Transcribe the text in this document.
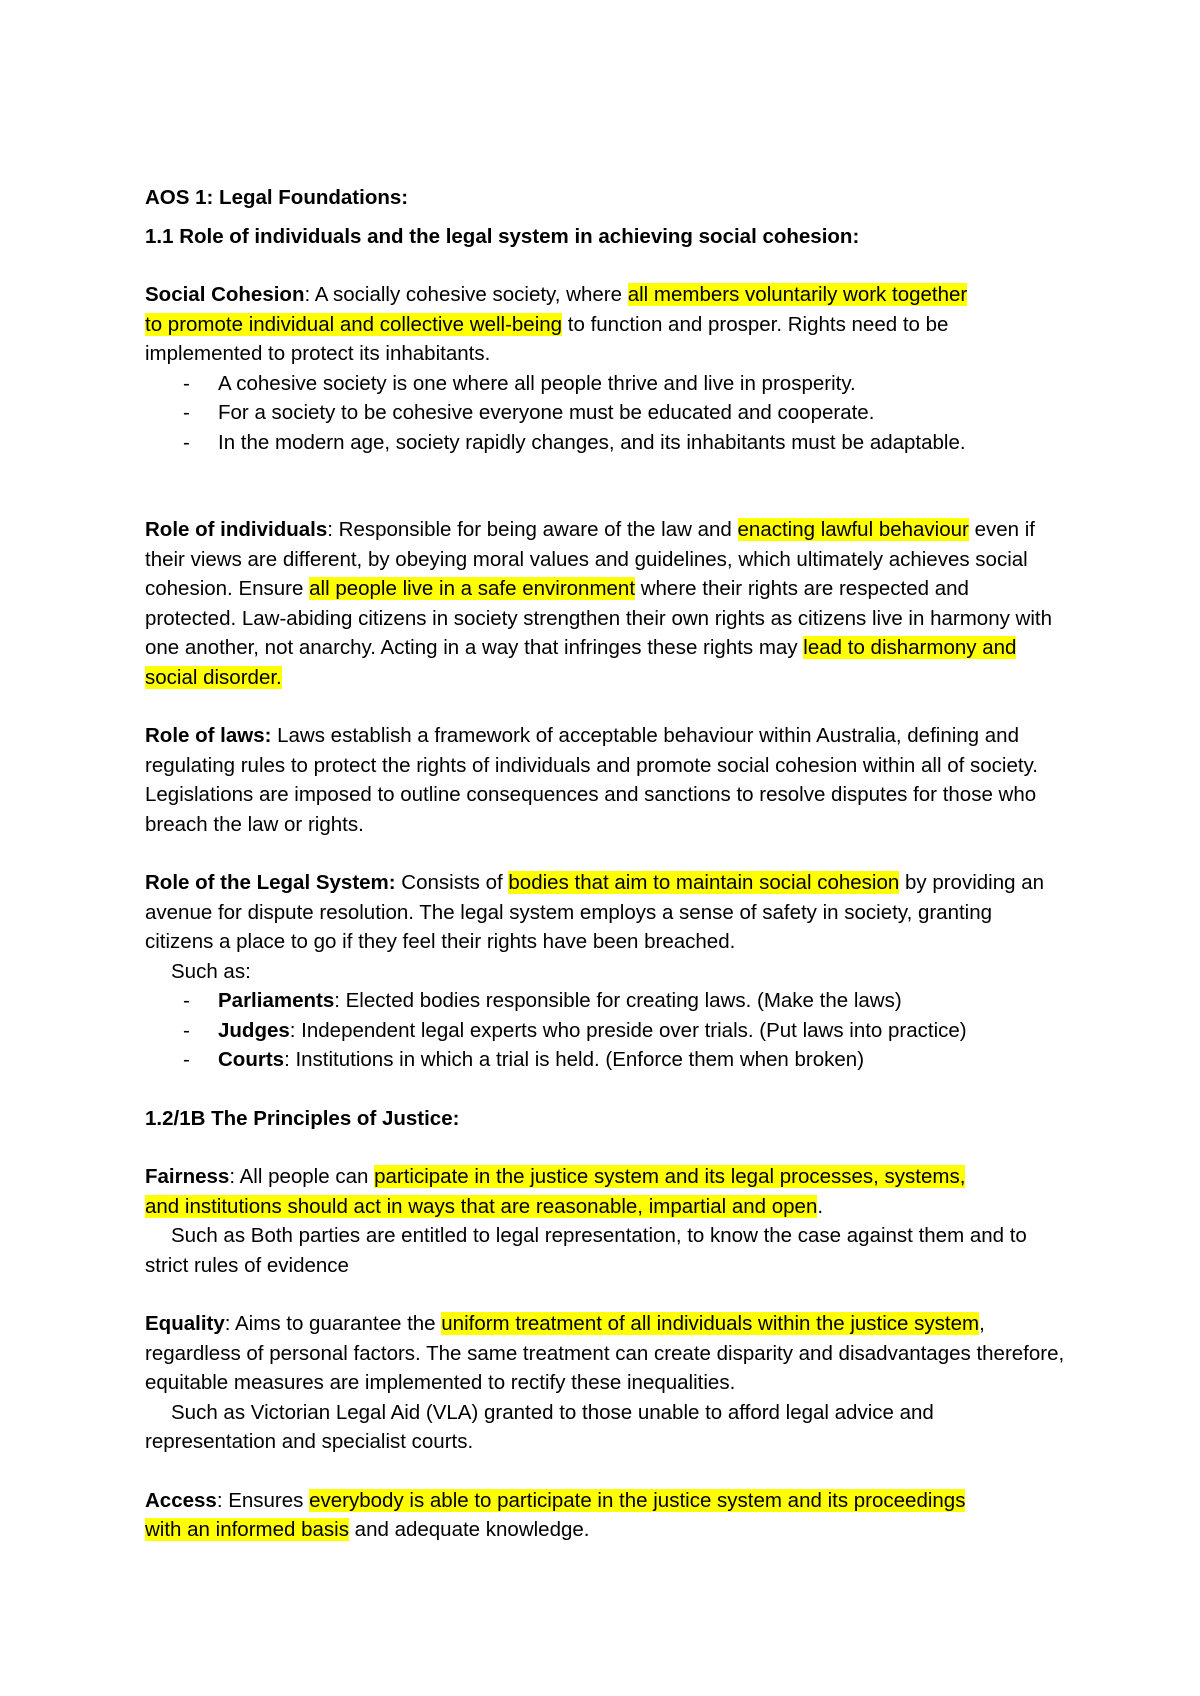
AOS 1: Legal Foundations:

1.1 Role of individuals and the legal system in achieving social cohesion:

Social Cohesion: A socially cohesive society, where all members voluntarily work together
to promote individual and collective well-being to function and prosper. Rights need to be implemented to protect its inhabitants.

- A cohesive society is one where all people thrive and live in prosperity.
- For a society to be cohesive everyone must be educated and cooperate.
- In the modern age, society rapidly changes, and its inhabitants must be adaptable.

Role of individuals: Responsible for being aware of the law and enacting lawful behaviour even if their views are different, by obeying moral values and guidelines, which ultimately achieves social cohesion. Ensure all people live in a safe environment where their rights are respected and protected. Law-abiding citizens in society strengthen their own rights as citizens live in harmony with one another, not anarchy. Acting in a way that infringes these rights may lead to disharmony and social disorder.

Role of laws: Laws establish a framework of acceptable behaviour within Australia, defining and regulating rules to protect the rights of individuals and promote social cohesion within all of society. Legislations are imposed to outline consequences and sanctions to resolve disputes for those who breach the law or rights.

Role of the Legal System: Consists of bodies that aim to maintain social cohesion by providing an avenue for dispute resolution. The legal system employs a sense of safety in society, granting citizens a place to go if they feel their rights have been breached.

Such as:

- Parliaments: Elected bodies responsible for creating laws. (Make the laws)
- Judges: Independent legal experts who preside over trials. (Put laws into practice)
- Courts: Institutions in which a trial is held. (Enforce them when broken)

1.2/1B The Principles of Justice:

Fairness: All people can participate in the justice system and its legal processes, systems,
and institutions should act in ways that are reasonable, impartial and open.

Such as Both parties are entitled to legal representation, to know the case against them and to strict rules of evidence

Equality: Aims to guarantee the uniform treatment of all individuals within the justice system, regardless of personal factors. The same treatment can create disparity and disadvantages therefore, equitable measures are implemented to rectify these inequalities.

Such as Victorian Legal Aid (VLA) granted to those unable to afford legal advice and representation and specialist courts.

Access: Ensures everybody is able to participate in the justice system and its proceedings
with an informed basis and adequate knowledge.
